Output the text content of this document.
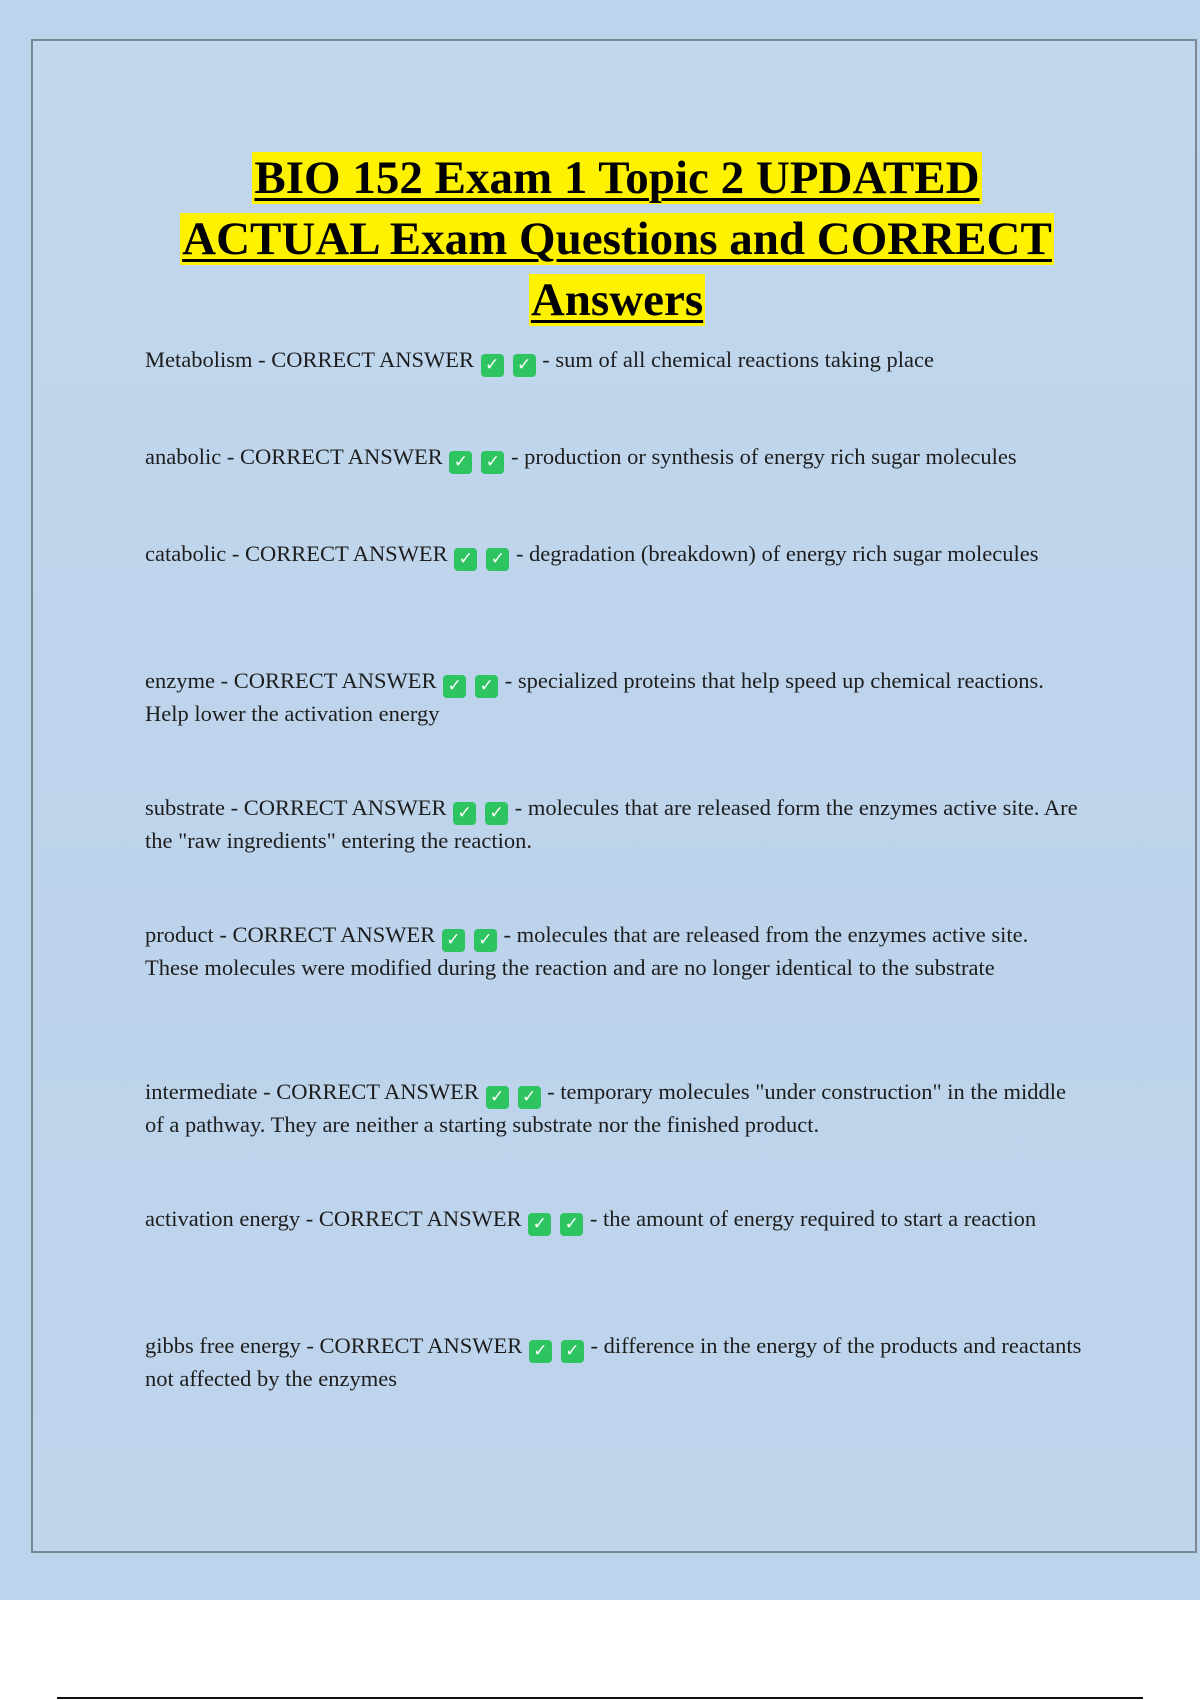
BIO 152 Exam 1 Topic 2 UPDATED
ACTUAL Exam Questions and CORRECT
Answers
Metabolism - CORRECT ANSWER ✓ ✓ - sum of all chemical reactions taking place
anabolic - CORRECT ANSWER ✓ ✓ - production or synthesis of energy rich sugar molecules
catabolic - CORRECT ANSWER ✓ ✓ - degradation (breakdown) of energy rich sugar molecules
enzyme - CORRECT ANSWER ✓ ✓ - specialized proteins that help speed up chemical reactions. Help lower the activation energy
substrate - CORRECT ANSWER ✓ ✓ - molecules that are released form the enzymes active site. Are the "raw ingredients" entering the reaction.
product - CORRECT ANSWER ✓ ✓ - molecules that are released from the enzymes active site. These molecules were modified during the reaction and are no longer identical to the substrate
intermediate - CORRECT ANSWER ✓ ✓ - temporary molecules "under construction" in the middle of a pathway. They are neither a starting substrate nor the finished product.
activation energy - CORRECT ANSWER ✓ ✓ - the amount of energy required to start a reaction
gibbs free energy - CORRECT ANSWER ✓ ✓ - difference in the energy of the products and reactants not affected by the enzymes
